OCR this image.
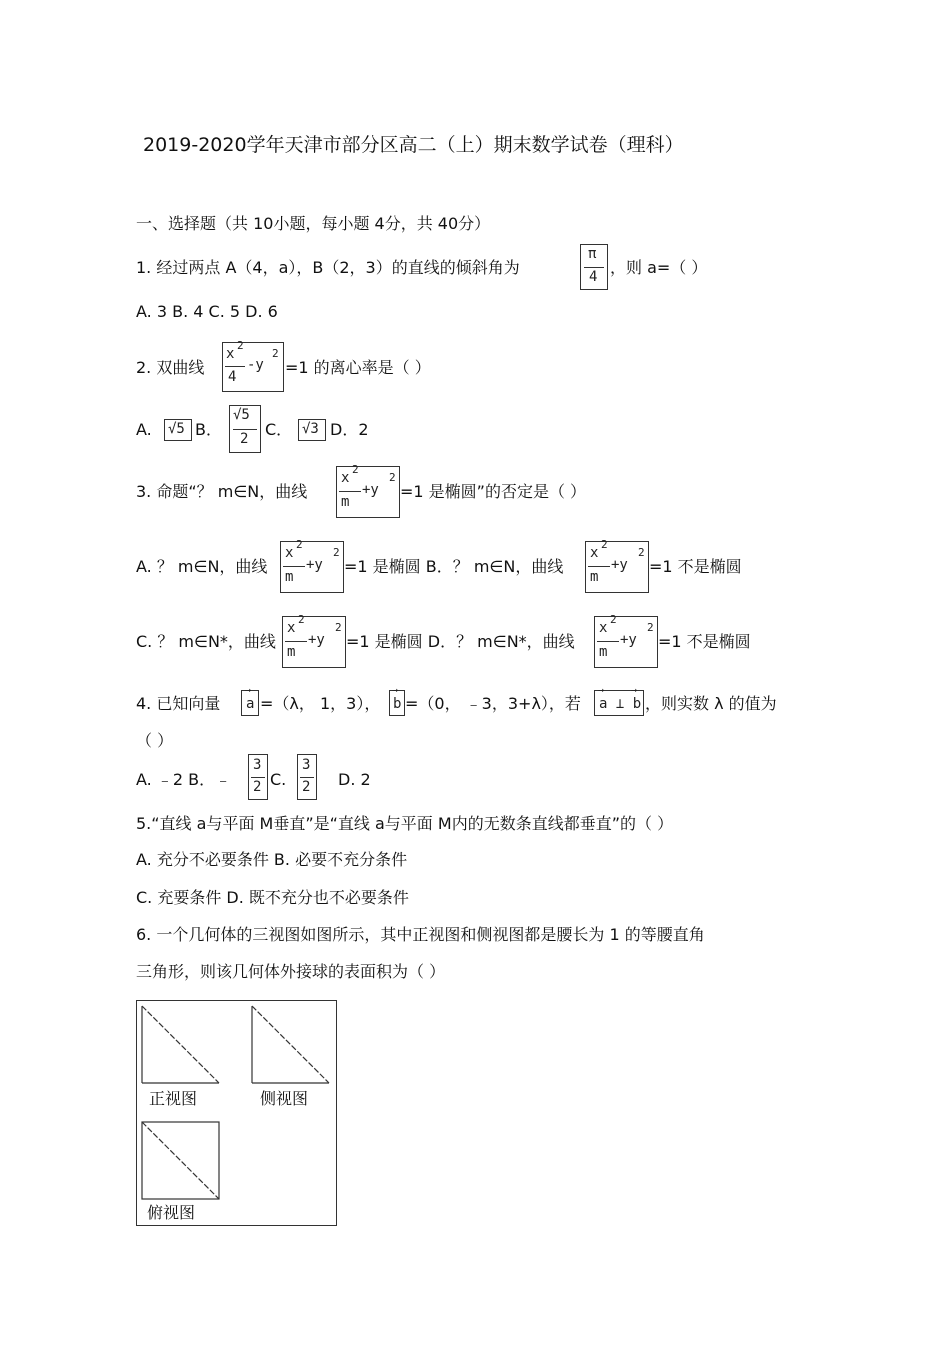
2019-2020学年天津市部分区高二（上）期末数学试卷（理科）
一、选择题（共 10小题，每小题 4分，共 40分）
1. 经过两点 A（4，a），B（2，3）的直线的倾斜角为
π
4 ，则 a=（ ）
A. 3 B. 4 C. 5 D. 6
2. 双曲线
x
2
4
-y
2
=1 的离心率是（ ）
A. √5 B．
√5
2 C． √3 D．2
3. 命题“？ m∈N，曲线
x
2
m
+y
2
=1 是椭圆”的否定是（ ）
A. ？ m∈N，曲线
x
2
m
+y
2
=1 是椭圆 B．？ m∈N，曲线
x
2
m
+y
2
=1 不是椭圆
C. ？ m∈N*，曲线
x
2
m
+y
2
=1 是椭圆 D．？ m∈N*，曲线
x
2
m
+y
2
=1 不是椭圆
4. 已知向量
→
a =（λ， 1，3），
→
b =（0， ﹣3，3+λ），若
→	→
a ⊥ b ，则实数 λ 的值为
（ ）
A. ﹣2 B．﹣
3
2 C.
3
2 D. 2
5.“直线 a与平面 M垂直”是“直线 a与平面 M内的无数条直线都垂直”的（ ）
A. 充分不必要条件 B. 必要不充分条件
C. 充要条件 D. 既不充分也不必要条件
6. 一个几何体的三视图如图所示，其中正视图和侧视图都是腰长为 1 的等腰直角
三角形，则该几何体外接球的表面积为（ ）
正视图	侧视图
俯视图
